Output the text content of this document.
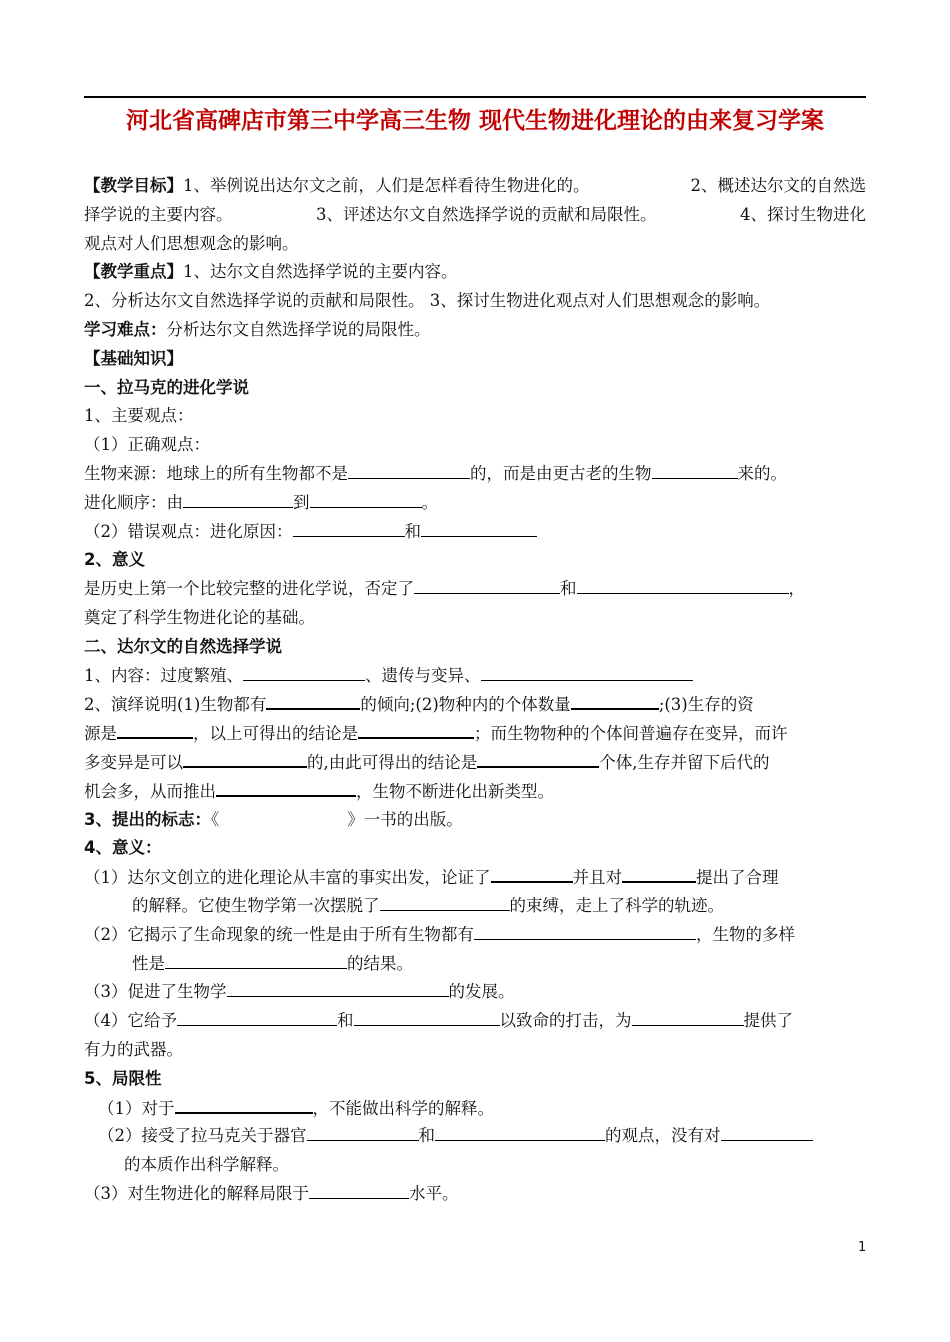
河北省高碑店市第三中学高三生物 现代生物进化理论的由来复习学案
【教学目标】1、举例说出达尔文之前，人们是怎样看待生物进化的。	2、概述达尔文的自然选
择学说的主要内容。	3、评述达尔文自然选择学说的贡献和局限性。	4、探讨生物进化
观点对人们思想观念的影响。
【教学重点】1、达尔文自然选择学说的主要内容。
2、分析达尔文自然选择学说的贡献和局限性。 3、探讨生物进化观点对人们思想观念的影响。
学习难点：分析达尔文自然选择学说的局限性。
【基础知识】
一、拉马克的进化学说
1、主要观点：
（1）正确观点：
生物来源：地球上的所有生物都不是	的，而是由更古老的生物	来的。
进化顺序：由	到	。
（2）错误观点：进化原因：	和
2、意义
是历史上第一个比较完整的进化学说，否定了	和	，
奠定了科学生物进化论的基础。
二、达尔文的自然选择学说
1、内容：过度繁殖、	、遗传与变异、
2、演绎说明(1)生物都有	的倾向;(2)物种内的个体数量	;(3)生存的资
源是	，以上可得出的结论是	；而生物物种的个体间普遍存在变异，而许
多变异是可以	的,由此可得出的结论是	个体,生存并留下后代的
机会多，从而推出	，生物不断进化出新类型。
3、提出的标志：《	》一书的出版。
4、意义：
（1）达尔文创立的进化理论从丰富的事实出发，论证了	并且对	提出了合理
的解释。它使生物学第一次摆脱了	的束缚，走上了科学的轨迹。
（2）它揭示了生命现象的统一性是由于所有生物都有	，生物的多样
性是	的结果。
（3）促进了生物学	的发展。
（4）它给予	和	以致命的打击，为	提供了
有力的武器。
5、局限性
（1）对于	，不能做出科学的解释。
（2）接受了拉马克关于器官	和	的观点，没有对
的本质作出科学解释。
（3）对生物进化的解释局限于	水平。
1
